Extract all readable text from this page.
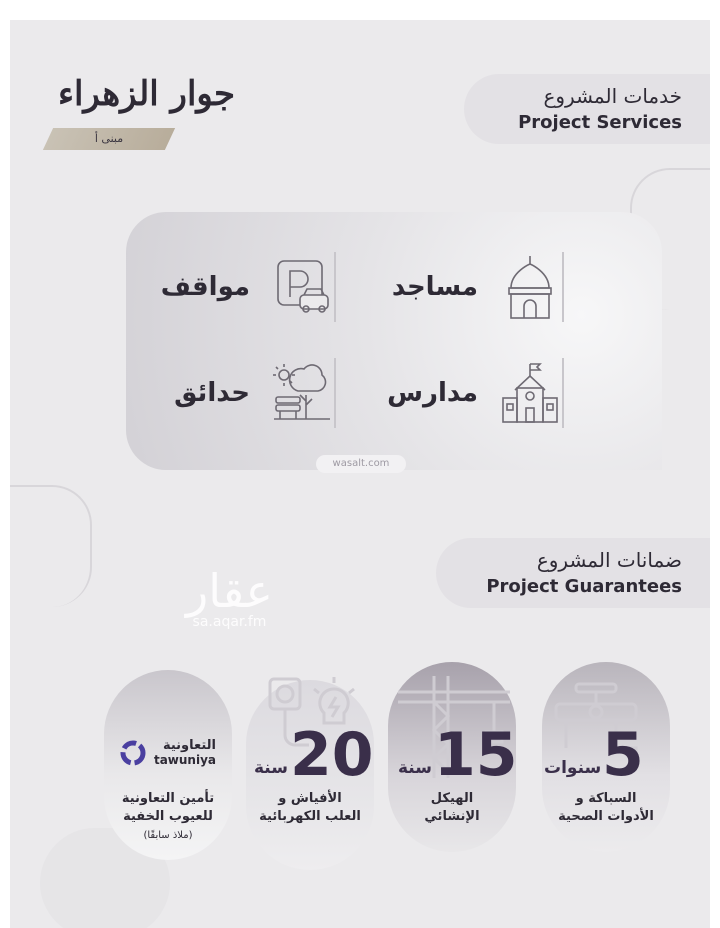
جوار الزهراء
مبنى أ
خدمات المشروع
Project Services
مساجد
مواقف
مدارس
حدائق
wasalt.com
ضمانات المشروع
Project Guarantees
عقار
sa.aqar.fm
5
سنوات
السباكة و
الأدوات الصحية
15
سنة
الهيكل
الإنشائي
20
سنة
الأفياش و
العلب الكهربائية
التعاونية
tawuniya
تأمين التعاونية
للعيوب الخفية
(ملاذ سابقًا)
